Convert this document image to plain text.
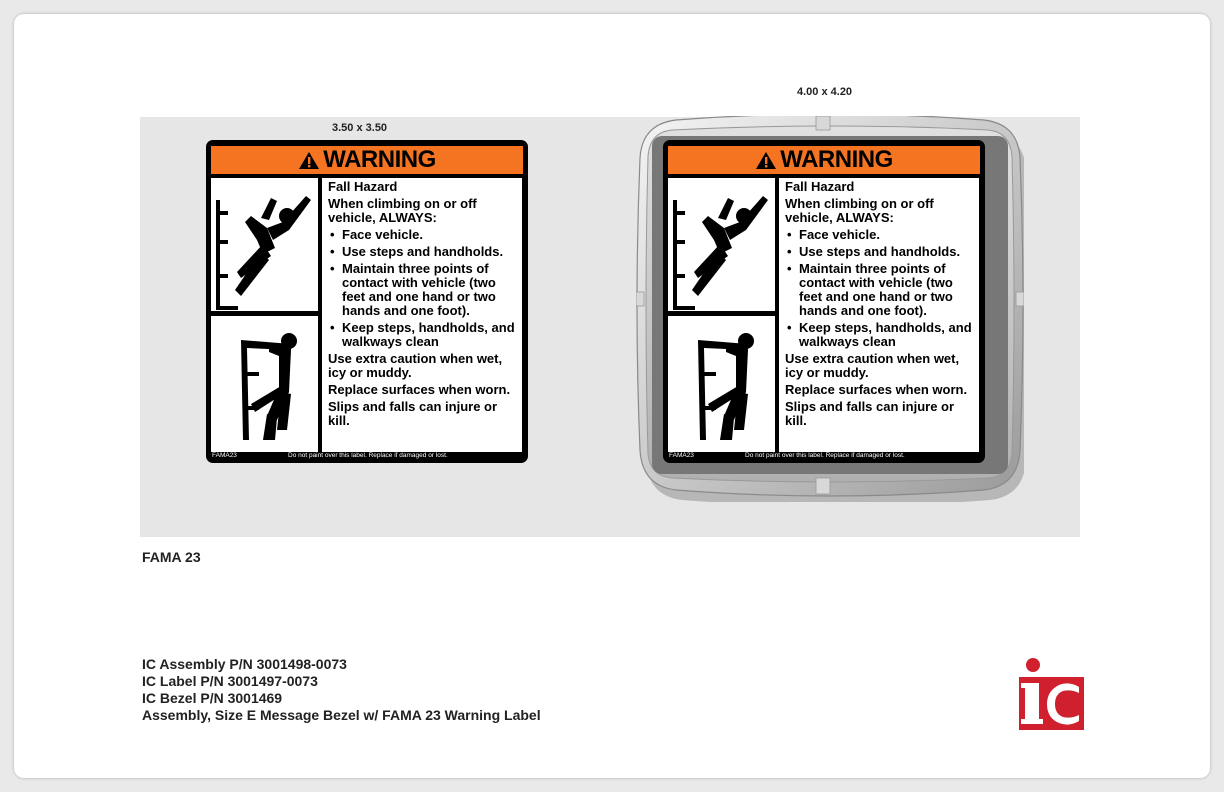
3.50 x 3.50
4.00 x 4.20
WARNING
Fall Hazard
When climbing on or off vehicle, ALWAYS:
• Face vehicle.
• Use steps and handholds.
• Maintain three points of contact with vehicle (two feet and one hand or two hands and one foot).
• Keep steps, handholds, and walkways clean
Use extra caution when wet, icy or muddy.
Replace surfaces when worn.
Slips and falls can injure or kill.
FAMA23	Do not paint over this label. Replace if damaged or lost.
WARNING
Fall Hazard
When climbing on or off vehicle, ALWAYS:
• Face vehicle.
• Use steps and handholds.
• Maintain three points of contact with vehicle (two feet and one hand or two hands and one foot).
• Keep steps, handholds, and walkways clean
Use extra caution when wet, icy or muddy.
Replace surfaces when worn.
Slips and falls can injure or kill.
FAMA23	Do not paint over this label. Replace if damaged or lost.
FAMA 23
IC Assembly P/N 3001498-0073
IC Label P/N 3001497-0073
IC Bezel P/N 3001469
Assembly, Size E Message Bezel w/ FAMA 23 Warning Label
